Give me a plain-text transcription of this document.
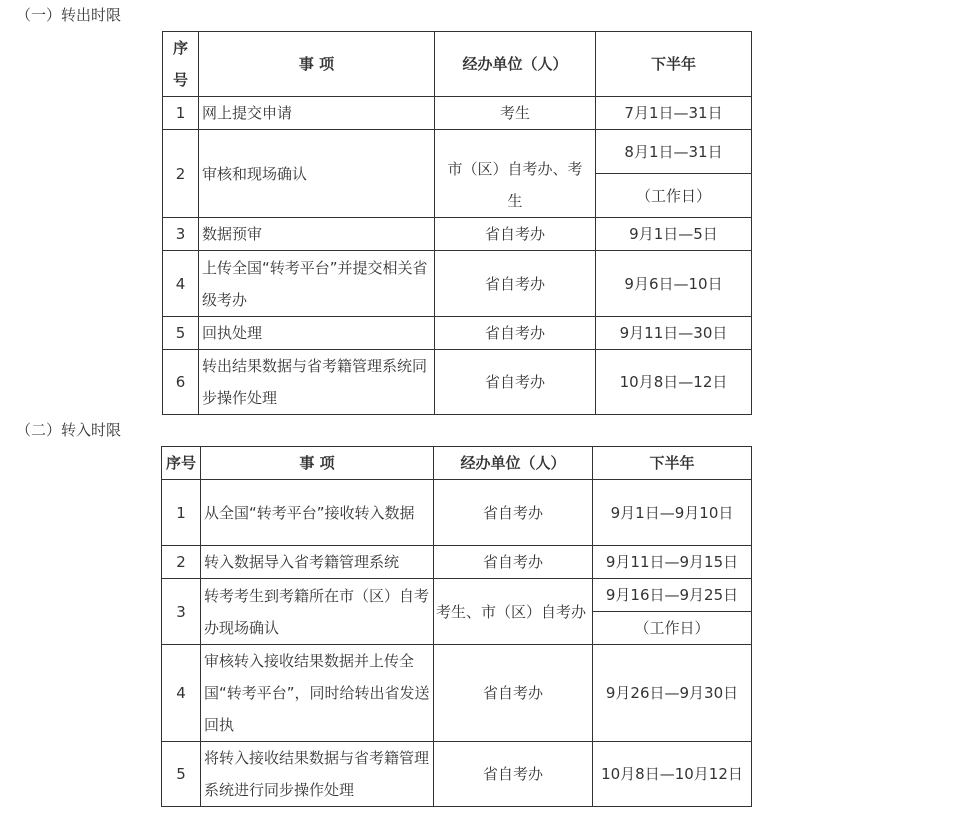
（一）转出时限
序号	事 项	经办单位（人）	下半年
1	网上提交申请	考生	7月1日—31日
2	审核和现场确认	市（区）自考办、考生	8月1日—31日
			（工作日）
3	数据预审	省自考办	9月1日—5日
4	上传全国“转考平台”并提交相关省级考办	省自考办	9月6日—10日
5	回执处理	省自考办	9月11日—30日
6	转出结果数据与省考籍管理系统同步操作处理	省自考办	10月8日—12日
（二）转入时限
序号	事 项	经办单位（人）	下半年
1	从全国“转考平台”接收转入数据	省自考办	9月1日—9月10日
2	转入数据导入省考籍管理系统	省自考办	9月11日—9月15日
3	转考考生到考籍所在市（区）自考办现场确认	考生、市（区）自考办	9月16日—9月25日
			（工作日）
4	审核转入接收结果数据并上传全国“转考平台”，同时给转出省发送回执	省自考办	9月26日—9月30日
5	将转入接收结果数据与省考籍管理系统进行同步操作处理	省自考办	10月8日—10月12日
